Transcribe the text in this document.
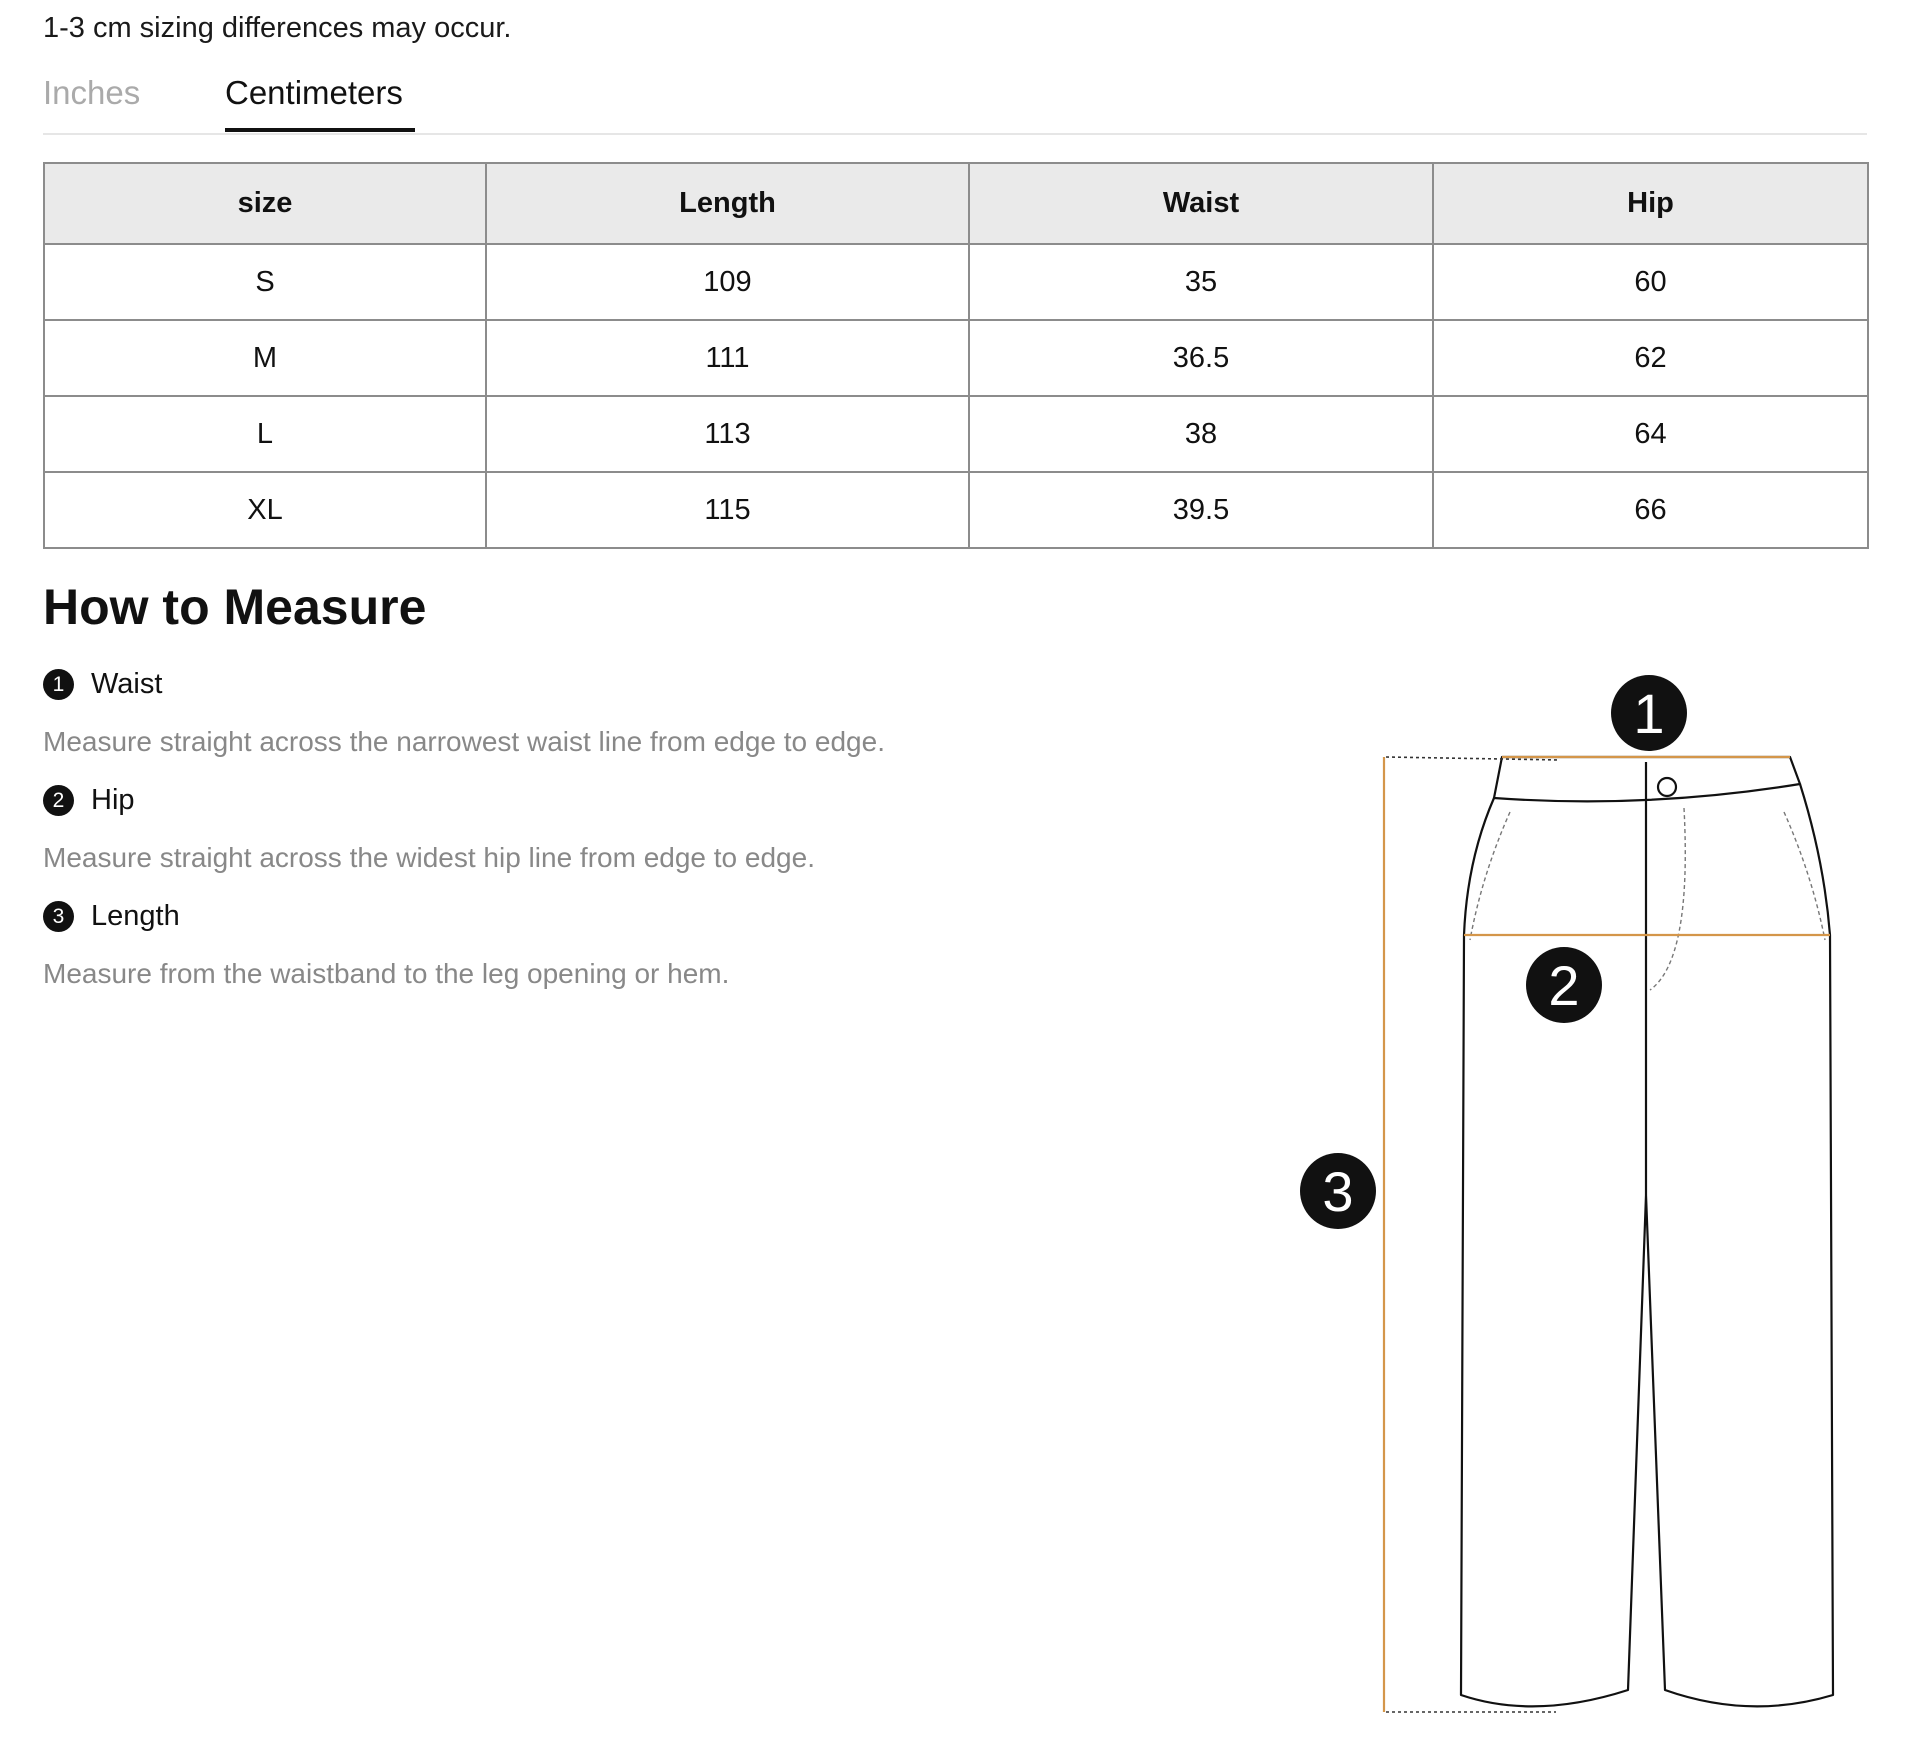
1-3 cm sizing differences may occur.
Inches	Centimeters
size	Length	Waist	Hip
S	109	35	60
M	111	36.5	62
L	113	38	64
XL	115	39.5	66
How to Measure
1 Waist
Measure straight across the narrowest waist line from edge to edge.
2 Hip
Measure straight across the widest hip line from edge to edge.
3 Length
Measure from the waistband to the leg opening or hem.
1
2
3
